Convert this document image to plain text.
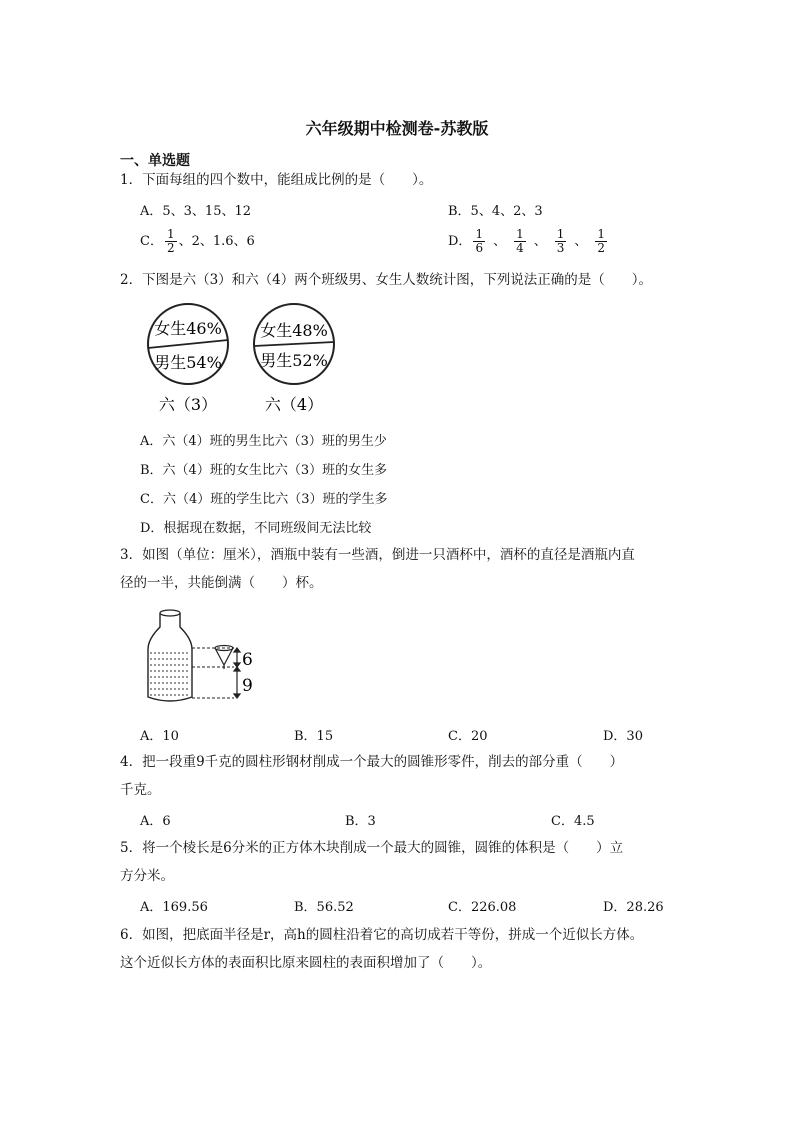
六年级期中检测卷-苏教版
一、单选题
1．下面每组的四个数中，能组成比例的是（　　）。
A．5、3、15、12	B．5、4、2、3
C． $\frac{1}{2}$ 、2、1.6、6	D． $\frac{1}{6}$ 、 $\frac{1}{4}$ 、 $\frac{1}{3}$ 、 $\frac{1}{2}$
2．下图是六（3）和六（4）两个班级男、女生人数统计图，下列说法正确的是（　　）。
女生46%
男生54%
六（3）
女生48%
男生52%
六（4）
A．六（4）班的男生比六（3）班的男生少
B．六（4）班的女生比六（3）班的女生多
C．六（4）班的学生比六（3）班的学生多
D．根据现在数据，不同班级间无法比较
3．如图（单位：厘米），酒瓶中装有一些酒，倒进一只酒杯中，酒杯的直径是酒瓶内直
径的一半，共能倒满（　　）杯。
6
9
A．10	B．15	C．20	D．30
4．把一段重9千克的圆柱形钢材削成一个最大的圆锥形零件，削去的部分重（　　）
千克。
A．6	B．3	C．4.5
5．将一个棱长是6分米的正方体木块削成一个最大的圆锥，圆锥的体积是（　　）立
方分米。
A．169.56	B．56.52	C．226.08	D．28.26
6．如图，把底面半径是r，高h的圆柱沿着它的高切成若干等份，拼成一个近似长方体。
这个近似长方体的表面积比原来圆柱的表面积增加了（　　）。
